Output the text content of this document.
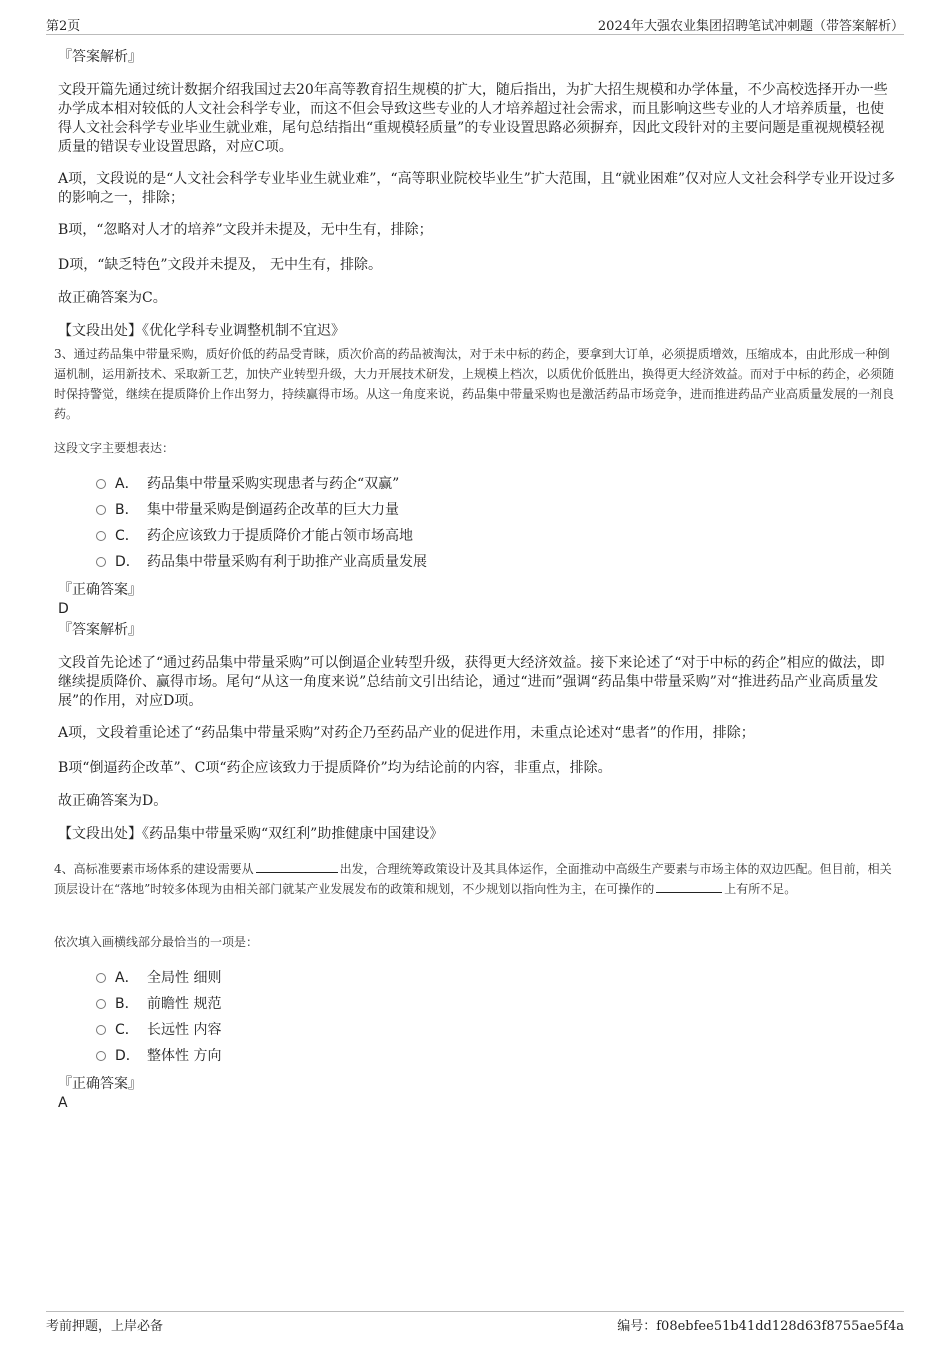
第2页	2024年大强农业集团招聘笔试冲刺题（带答案解析）

『答案解析』

文段开篇先通过统计数据介绍我国过去20年高等教育招生规模的扩大，随后指出，为扩大招生规模和办学体量，不少高校选择开办一些办学成本相对较低的人文社会科学专业，而这不但会导致这些专业的人才培养超过社会需求，而且影响这些专业的人才培养质量，也使得人文社会科学专业毕业生就业难，尾句总结指出“重规模轻质量”的专业设置思路必须摒弃，因此文段针对的主要问题是重视规模轻视质量的错误专业设置思路，对应C项。

A项，文段说的是“人文社会科学专业毕业生就业难”，“高等职业院校毕业生”扩大范围，且“就业困难”仅对应人文社会科学专业开设过多的影响之一，排除；

B项，“忽略对人才的培养”文段并未提及，无中生有，排除；

D项，“缺乏特色”文段并未提及， 无中生有，排除。

故正确答案为C。

【文段出处】《优化学科专业调整机制不宜迟》

3、通过药品集中带量采购，质好价低的药品受青睐，质次价高的药品被淘汰，对于未中标的药企，要拿到大订单，必须提质增效，压缩成本，由此形成一种倒逼机制，运用新技术、采取新工艺，加快产业转型升级，大力开展技术研发，上规模上档次，以质优价低胜出，换得更大经济效益。而对于中标的药企，必须随时保持警觉，继续在提质降价上作出努力，持续赢得市场。从这一角度来说，药品集中带量采购也是激活药品市场竞争，进而推进药品产业高质量发展的一剂良药。

这段文字主要想表达：

A． 药品集中带量采购实现患者与药企“双赢”
B． 集中带量采购是倒逼药企改革的巨大力量
C． 药企应该致力于提质降价才能占领市场高地
D． 药品集中带量采购有利于助推产业高质量发展

『正确答案』

D

『答案解析』

文段首先论述了“通过药品集中带量采购”可以倒逼企业转型升级，获得更大经济效益。接下来论述了“对于中标的药企”相应的做法，即继续提质降价、赢得市场。尾句“从这一角度来说”总结前文引出结论，通过“进而”强调“药品集中带量采购”对“推进药品产业高质量发展”的作用，对应D项。

A项，文段着重论述了“药品集中带量采购”对药企乃至药品产业的促进作用，未重点论述对“患者”的作用，排除；

B项“倒逼药企改革”、C项“药企应该致力于提质降价”均为结论前的内容，非重点，排除。

故正确答案为D。

【文段出处】《药品集中带量采购“双红利”助推健康中国建设》

4、高标准要素市场体系的建设需要从	出发，合理统筹政策设计及其具体运作，全面推动中高级生产要素与市场主体的双边匹配。但目前，相关顶层设计在“落地”时较多体现为由相关部门就某产业发展发布的政策和规划，不少规划以指向性为主，在可操作的	上有所不足。

依次填入画横线部分最恰当的一项是：

A． 全局性 细则
B． 前瞻性 规范
C． 长远性 内容
D． 整体性 方向

『正确答案』

A

考前押题，上岸必备	编号：f08ebfee51b41dd128d63f8755ae5f4a
